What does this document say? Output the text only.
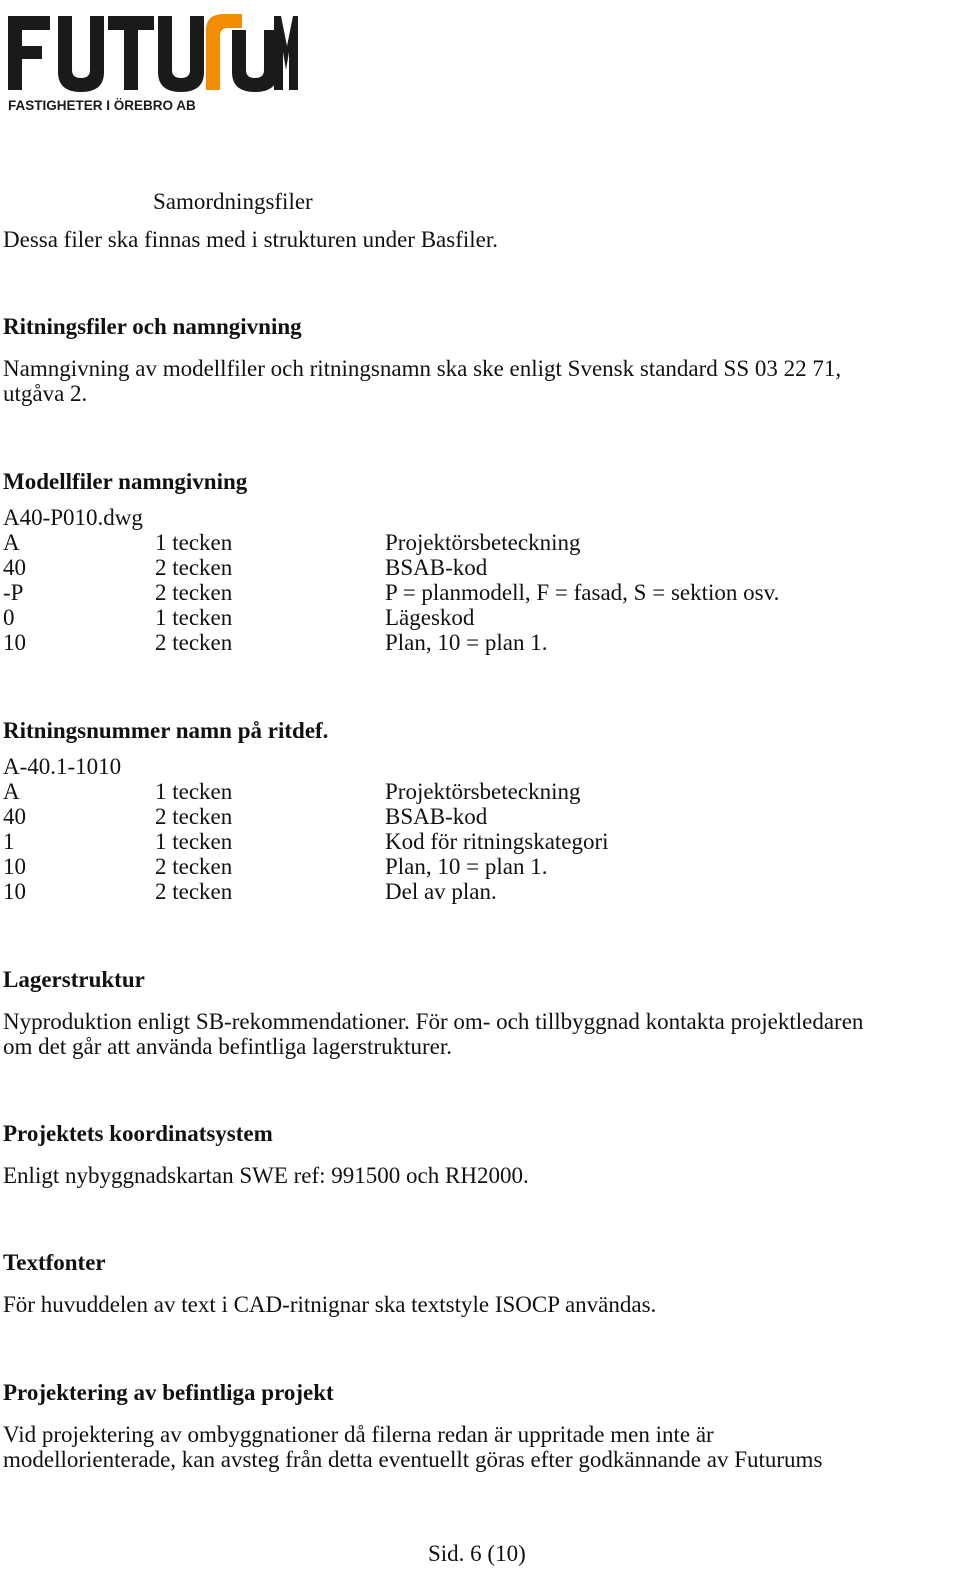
FASTIGHETER I ÖREBRO AB
Samordningsfiler
Dessa filer ska finnas med i strukturen under Basfiler.
Ritningsfiler och namngivning
Namngivning av modellfiler och ritningsnamn ska ske enligt Svensk standard SS 03 22 71,
utgåva 2.
Modellfiler namngivning
A40-P010.dwg
A	1 tecken	Projektörsbeteckning
40	2 tecken	BSAB-kod
-P	2 tecken	P = planmodell, F = fasad, S = sektion osv.
0	1 tecken	Lägeskod
10	2 tecken	Plan, 10 = plan 1.
Ritningsnummer namn på ritdef.
A-40.1-1010
A	1 tecken	Projektörsbeteckning
40	2 tecken	BSAB-kod
1	1 tecken	Kod för ritningskategori
10	2 tecken	Plan, 10 = plan 1.
10	2 tecken	Del av plan.
Lagerstruktur
Nyproduktion enligt SB-rekommendationer. För om- och tillbyggnad kontakta projektledaren
om det går att använda befintliga lagerstrukturer.
Projektets koordinatsystem
Enligt nybyggnadskartan SWE ref: 991500 och RH2000.
Textfonter
För huvuddelen av text i CAD-ritnignar ska textstyle ISOCP användas.
Projektering av befintliga projekt
Vid projektering av ombyggnationer då filerna redan är uppritade men inte är
modellorienterade, kan avsteg från detta eventuellt göras efter godkännande av Futurums
Sid. 6 (10)
